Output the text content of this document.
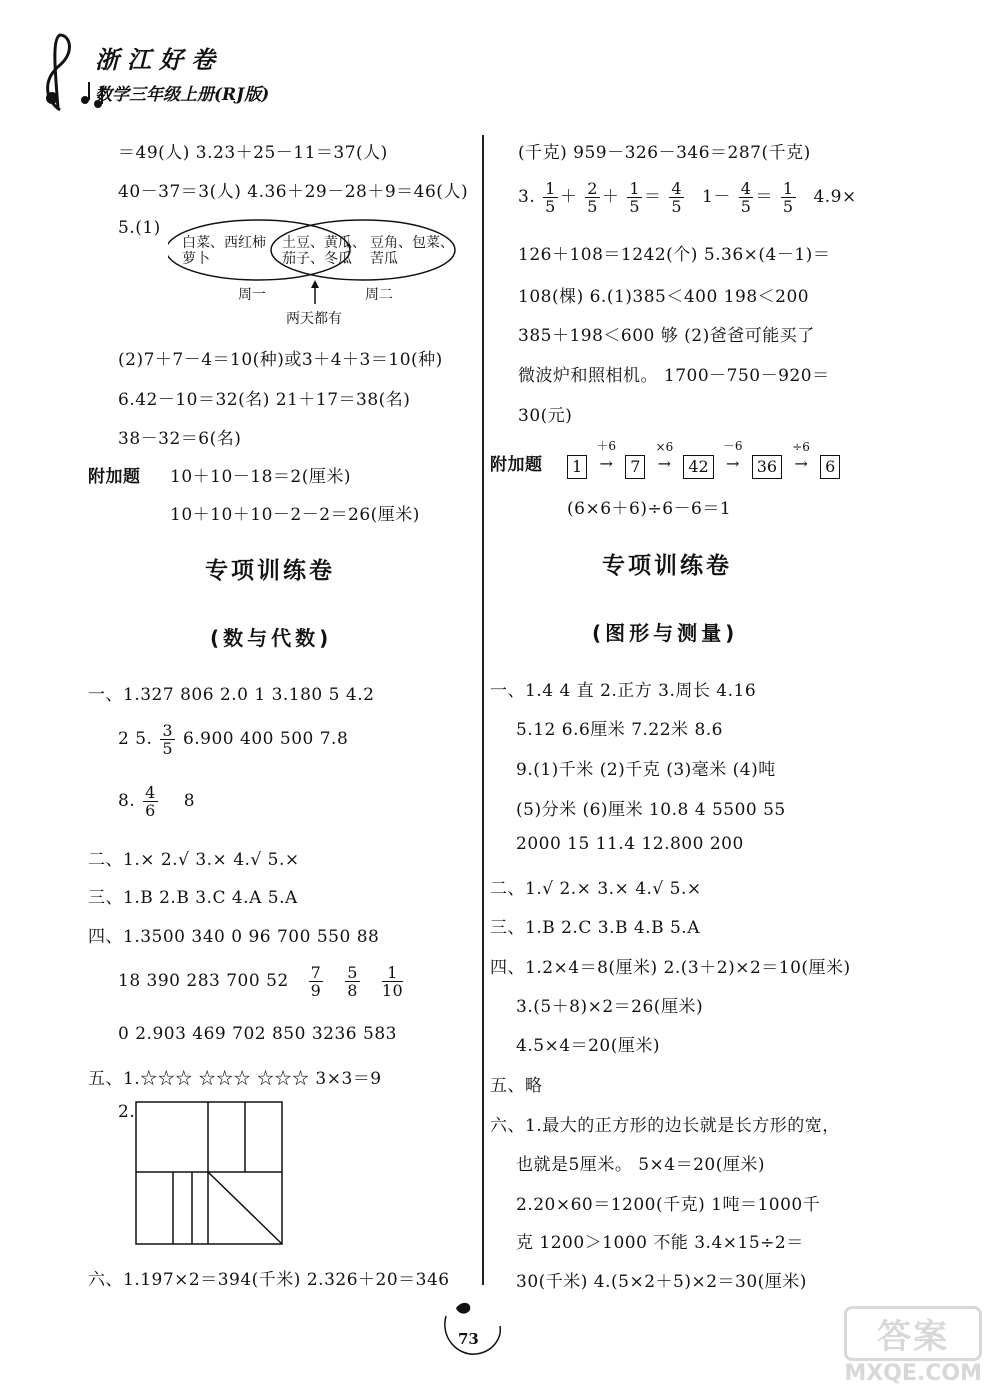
浙江好卷
数学三年级上册(RJ版)
＝49(人) 3.23＋25－11＝37(人)
40－37＝3(人) 4.36＋29－28＋9＝46(人)
5.(1)
白菜、西红柿
萝卜
土豆、黄瓜、
茄子、冬瓜
豆角、包菜、
苦瓜
周一	周二
两天都有
(2)7＋7－4＝10(种)或3＋4＋3＝10(种)
6.42－10＝32(名) 21＋17＝38(名)
38－32＝6(名)
附加题 10＋10－18＝2(厘米)
10＋10＋10－2－2＝26(厘米)
专项训练卷
(数与代数)
一、1.327 806 2.0 1 3.180 5 4.2
2 5. $\frac{3}{5} 6.900$ 400 500 7.8
8. $\frac{4}{6} 8$
二、1.× 2.√ 3.× 4.√ 5.×
三、1.B 2.B 3.C 4.A 5.A
四、1.3500 340 0 96 700 550 88
18 390 283 700 $52 \frac{7}{9}$
$\frac{5}{8}$
$\frac{1}{10}$
0 2.903 469 702 850 3236 583
五、1.☆☆☆ ☆☆☆ ☆☆☆ 3×3＝9
2.
六、1.197×2＝394(千米) 2.326＋20＝346
(千克) 959－326－346＝287(千克)
3. $\frac{1}{5} + \frac{2}{5} + \frac{1}{5} = \frac{4}{5} 1- \frac{4}{5} = \frac{1}{5} 4.9\times$
126＋108＝1242(个) 5.36×(4－1)＝
108(棵) 6.(1)385＜400 198＜200
385＋198＜600 够 (2)爸爸可能买了
微波炉和照相机。 1700－750－920＝
30(元)
附加题	1
＋6
→	7
×6
→	42
－6
→	36
÷6
→	6
(6×6＋6)÷6－6＝1
专项训练卷
(图形与测量)
一、1.4 4 直 2.正方 3.周长 4.16
5.12 6.6厘米 7.22米 8.6
9.(1)千米 (2)千克 (3)毫米 (4)吨
(5)分米 (6)厘米 10.8 4 5500 55
2000 15 11.4 12.800 200
二、1.√ 2.× 3.× 4.√ 5.×
三、1.B 2.C 3.B 4.B 5.A
四、1.2×4＝8(厘米) 2.(3＋2)×2＝10(厘米)
3.(5＋8)×2＝26(厘米)
4.5×4＝20(厘米)
五、略
六、1.最大的正方形的边长就是长方形的宽，
也就是5厘米。 5×4＝20(厘米)
2.20×60＝1200(千克) 1吨＝1000千
克 1200＞1000 不能 3.4×15÷2＝
30(千米) 4.(5×2＋5)×2＝30(厘米)
73	答案
MXQE.COM
